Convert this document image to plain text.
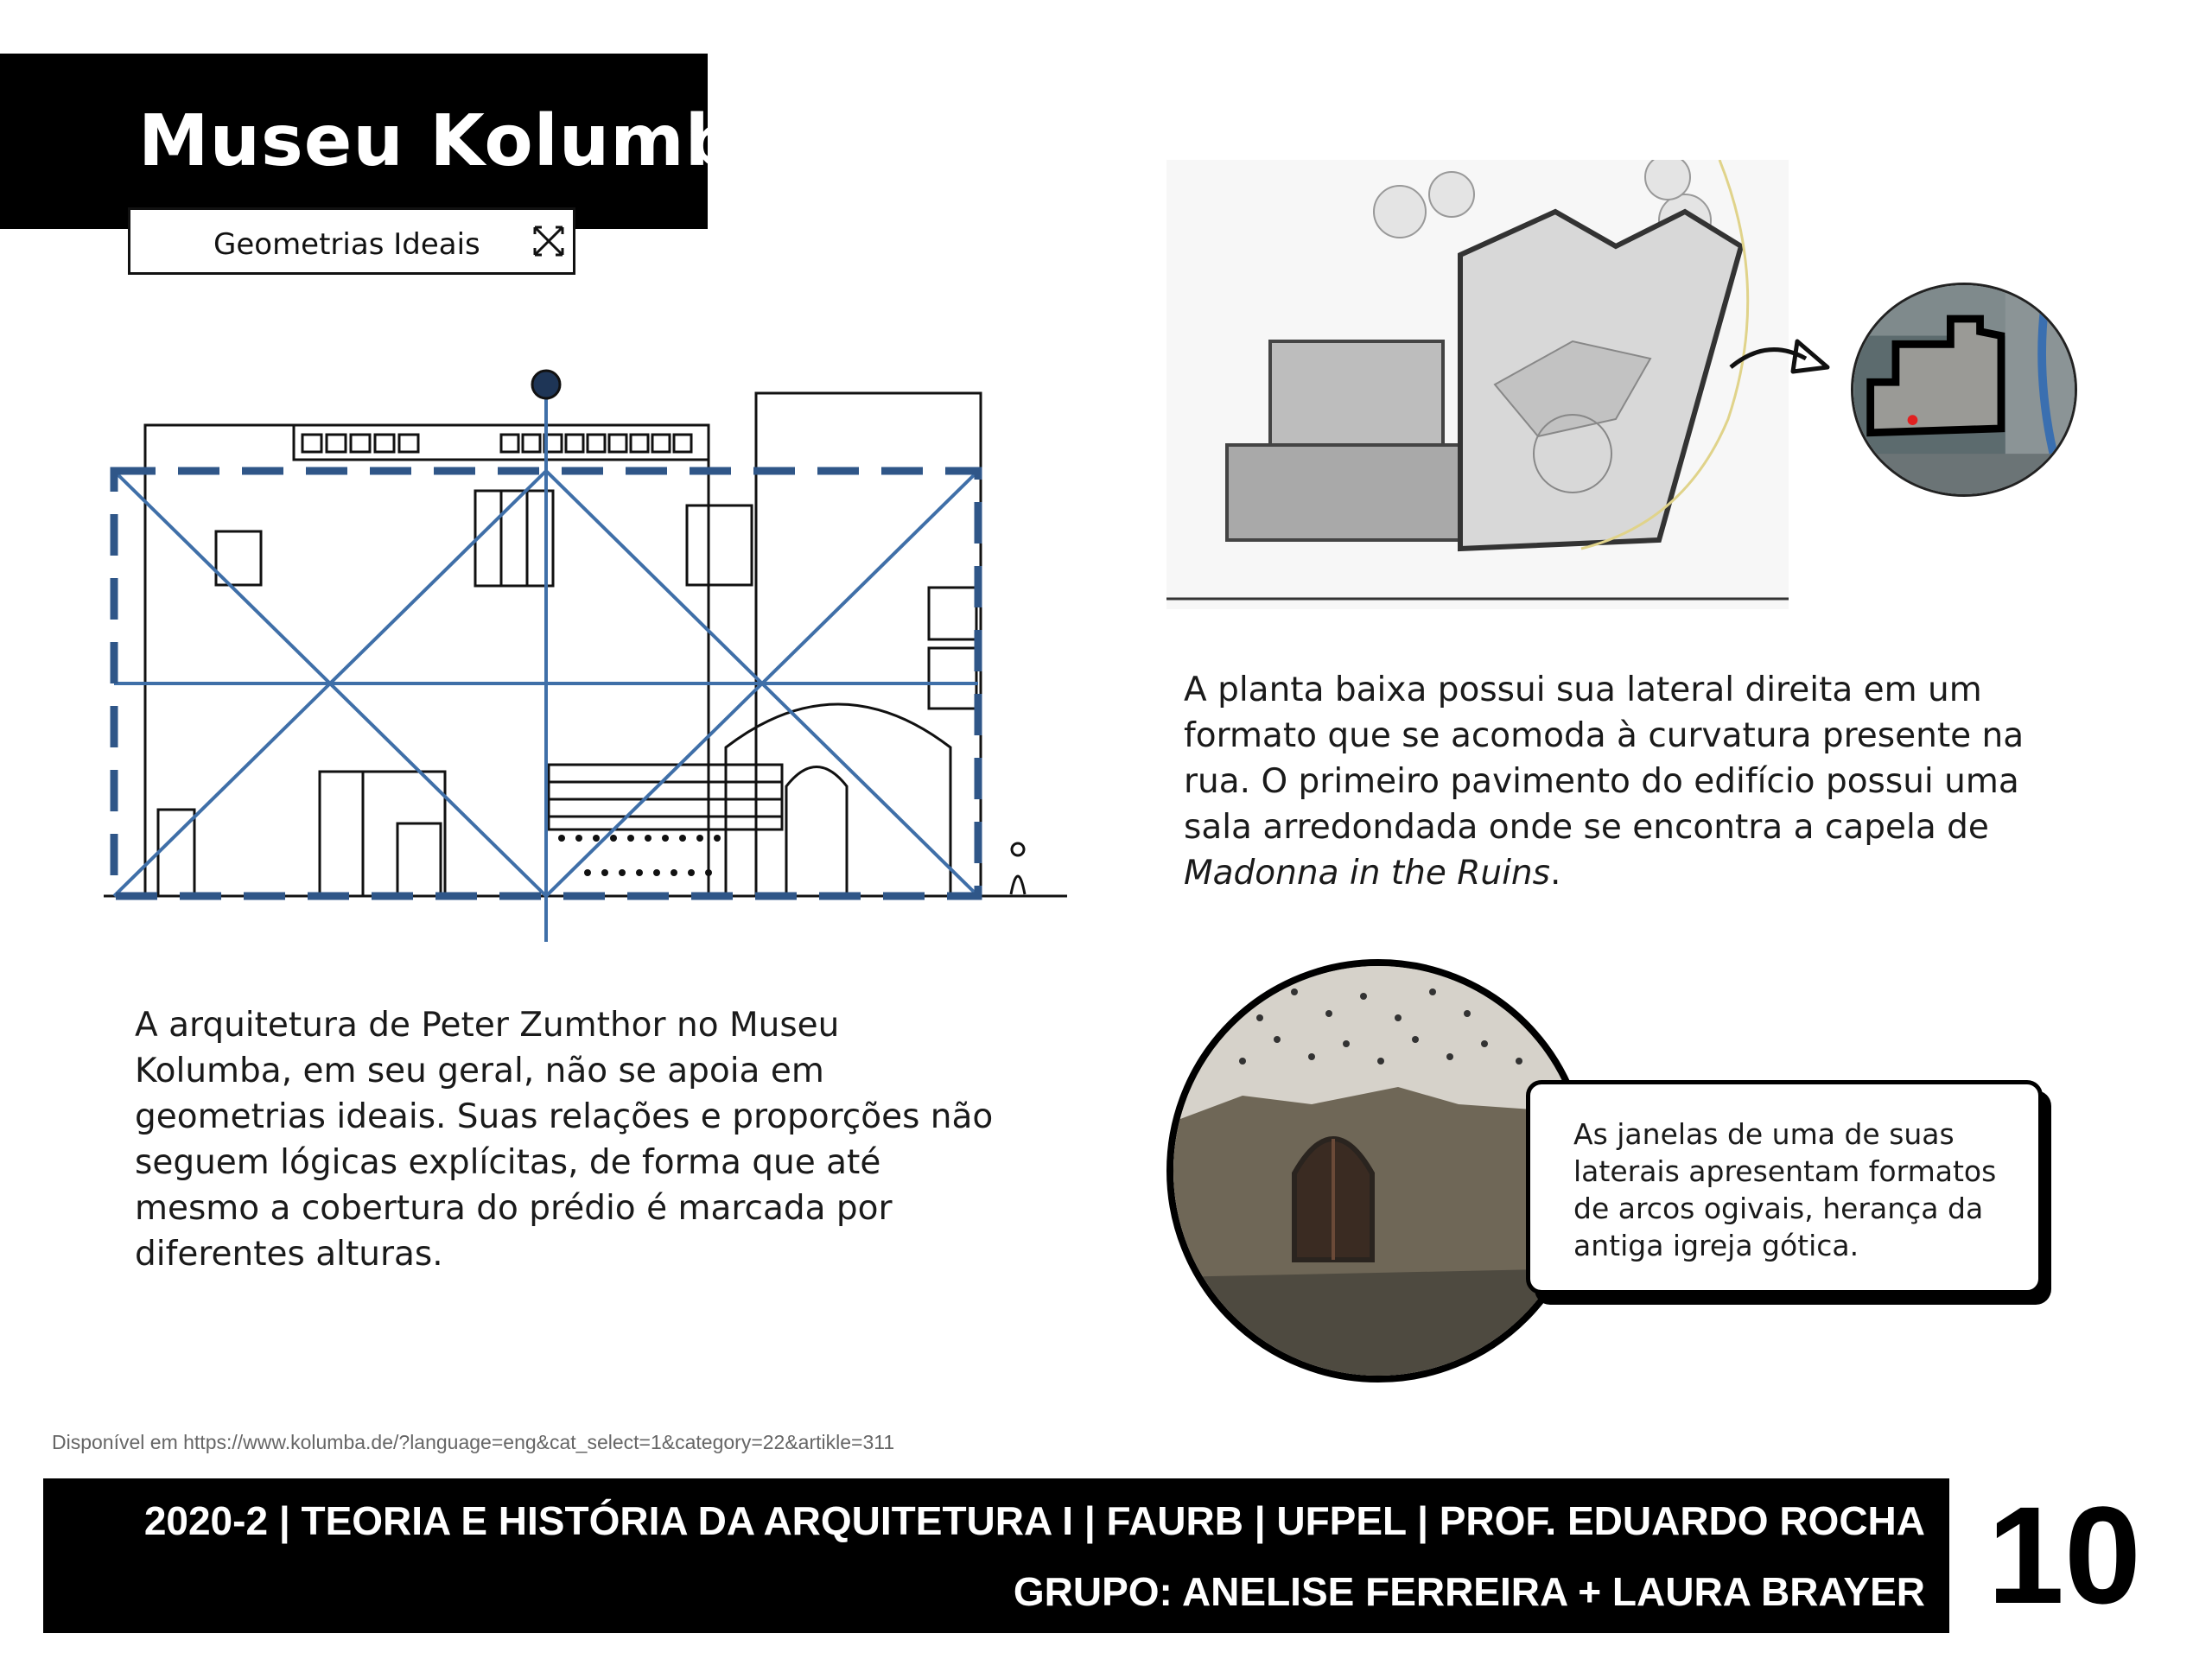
Museu Kolumba
Geometrias Ideais
A planta baixa possui sua lateral direita em um formato que se acomoda à curvatura presente na rua. O primeiro pavimento do edifício possui uma sala arredondada onde se encontra a capela de Madonna in the Ruins.
A arquitetura de Peter Zumthor no Museu Kolumba, em seu geral, não se apoia em geometrias ideais. Suas relações e proporções não seguem lógicas explícitas, de forma que até mesmo a cobertura do prédio é marcada por diferentes alturas.
As janelas de uma de suas laterais apresentam formatos de arcos ogivais, herança da antiga igreja gótica.
Disponível em https://www.kolumba.de/?language=eng&cat_select=1&category=22&artikle=311
2020-2 | TEORIA E HISTÓRIA DA ARQUITETURA I | FAURB | UFPEL | PROF. EDUARDO ROCHA
GRUPO: ANELISE FERREIRA + LAURA BRAYER 10
